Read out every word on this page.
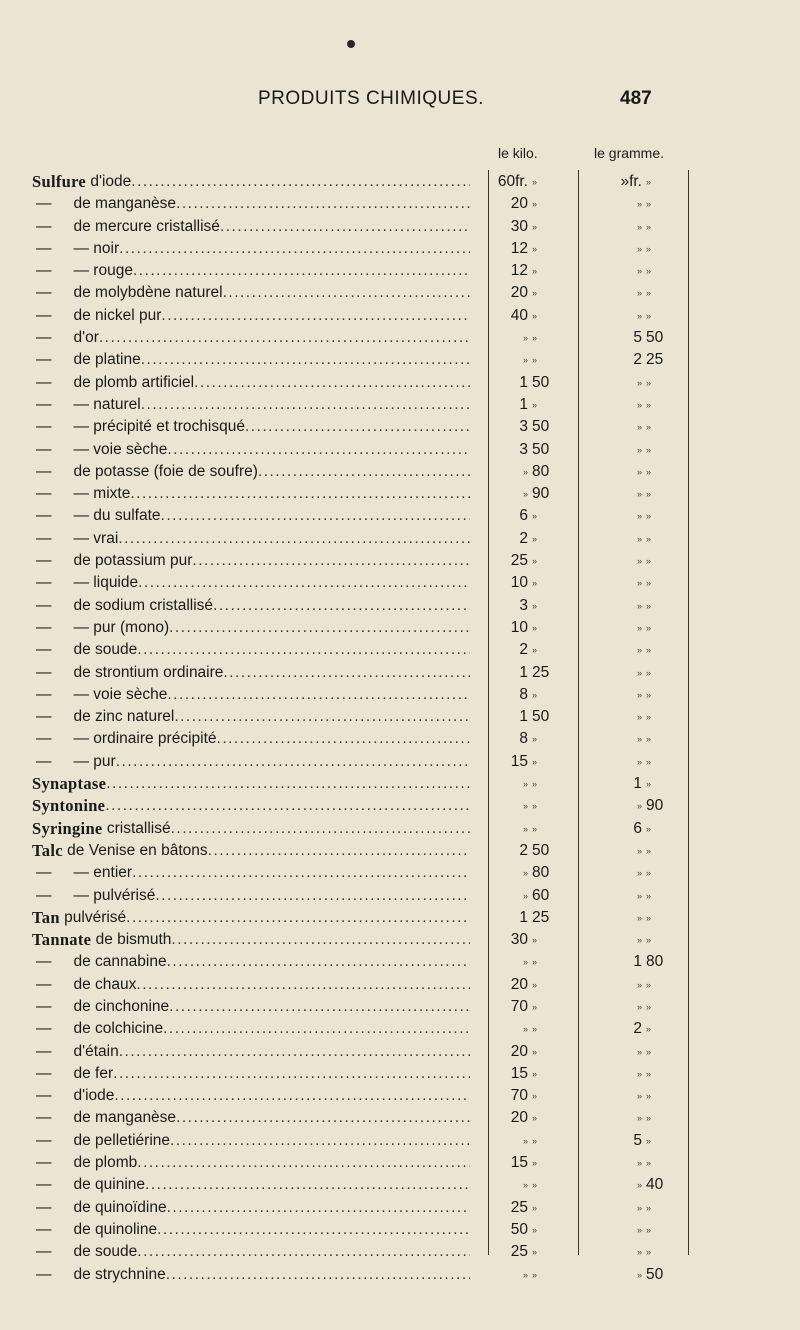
PRODUITS CHIMIQUES.	487
le kilo.	le gramme.
Sulfure d'iode .....	60fr. »	»fr. »
— de manganèse .....	20 »	» »
— de mercure cristallisé .....	30 »	» »
— — noir .....	12 »	» »
— — rouge .....	12 »	» »
— de molybdène naturel .....	20 »	» »
— de nickel pur .....	40 »	» »
— d'or .....	» »	5 50
— de platine .....	» »	2 25
— de plomb artificiel .....	1 50	» »
— — naturel .....	1 »	» »
— — précipité et trochisqué .....	3 50	» »
— — voie sèche .....	3 50	» »
— de potasse (foie de soufre) .....	» 80	» »
— — mixte .....	» 90	» »
— — du sulfate .....	6 »	» »
— — vrai .....	2 »	» »
— de potassium pur .....	25 »	» »
— — liquide .....	10 »	» »
— de sodium cristallisé .....	3 »	» »
— — pur (mono) .....	10 »	» »
— de soude .....	2 »	» »
— de strontium ordinaire .....	1 25	» »
— — voie sèche .....	8 »	» »
— de zinc naturel .....	1 50	» »
— — ordinaire précipité .....	8 »	» »
— — pur .....	15 »	» »
Synaptase .....	» »	1 »
Syntonine .....	» »	» 90
Syringine cristallisé .....	» »	6 »
Talc de Venise en bâtons .....	2 50	» »
— — entier .....	» 80	» »
— — pulvérisé .....	» 60	» »
Tan pulvérisé .....	1 25	» »
Tannate de bismuth .....	30 »	» »
— de cannabine .....	» »	1 80
— de chaux .....	20 »	» »
— de cinchonine .....	70 »	» »
— de colchicine .....	» »	2 »
— d'étain .....	20 »	» »
— de fer .....	15 »	» »
— d'iode .....	70 »	» »
— de manganèse .....	20 »	» »
— de pelletiérine .....	» »	5 »
— de plomb .....	15 »	» »
— de quinine .....	» »	» 40
— de quinoïdine .....	25 »	» »
— de quinoline .....	50 »	» »
— de soude .....	25 »	» »
— de strychnine .....	» »	» 50
